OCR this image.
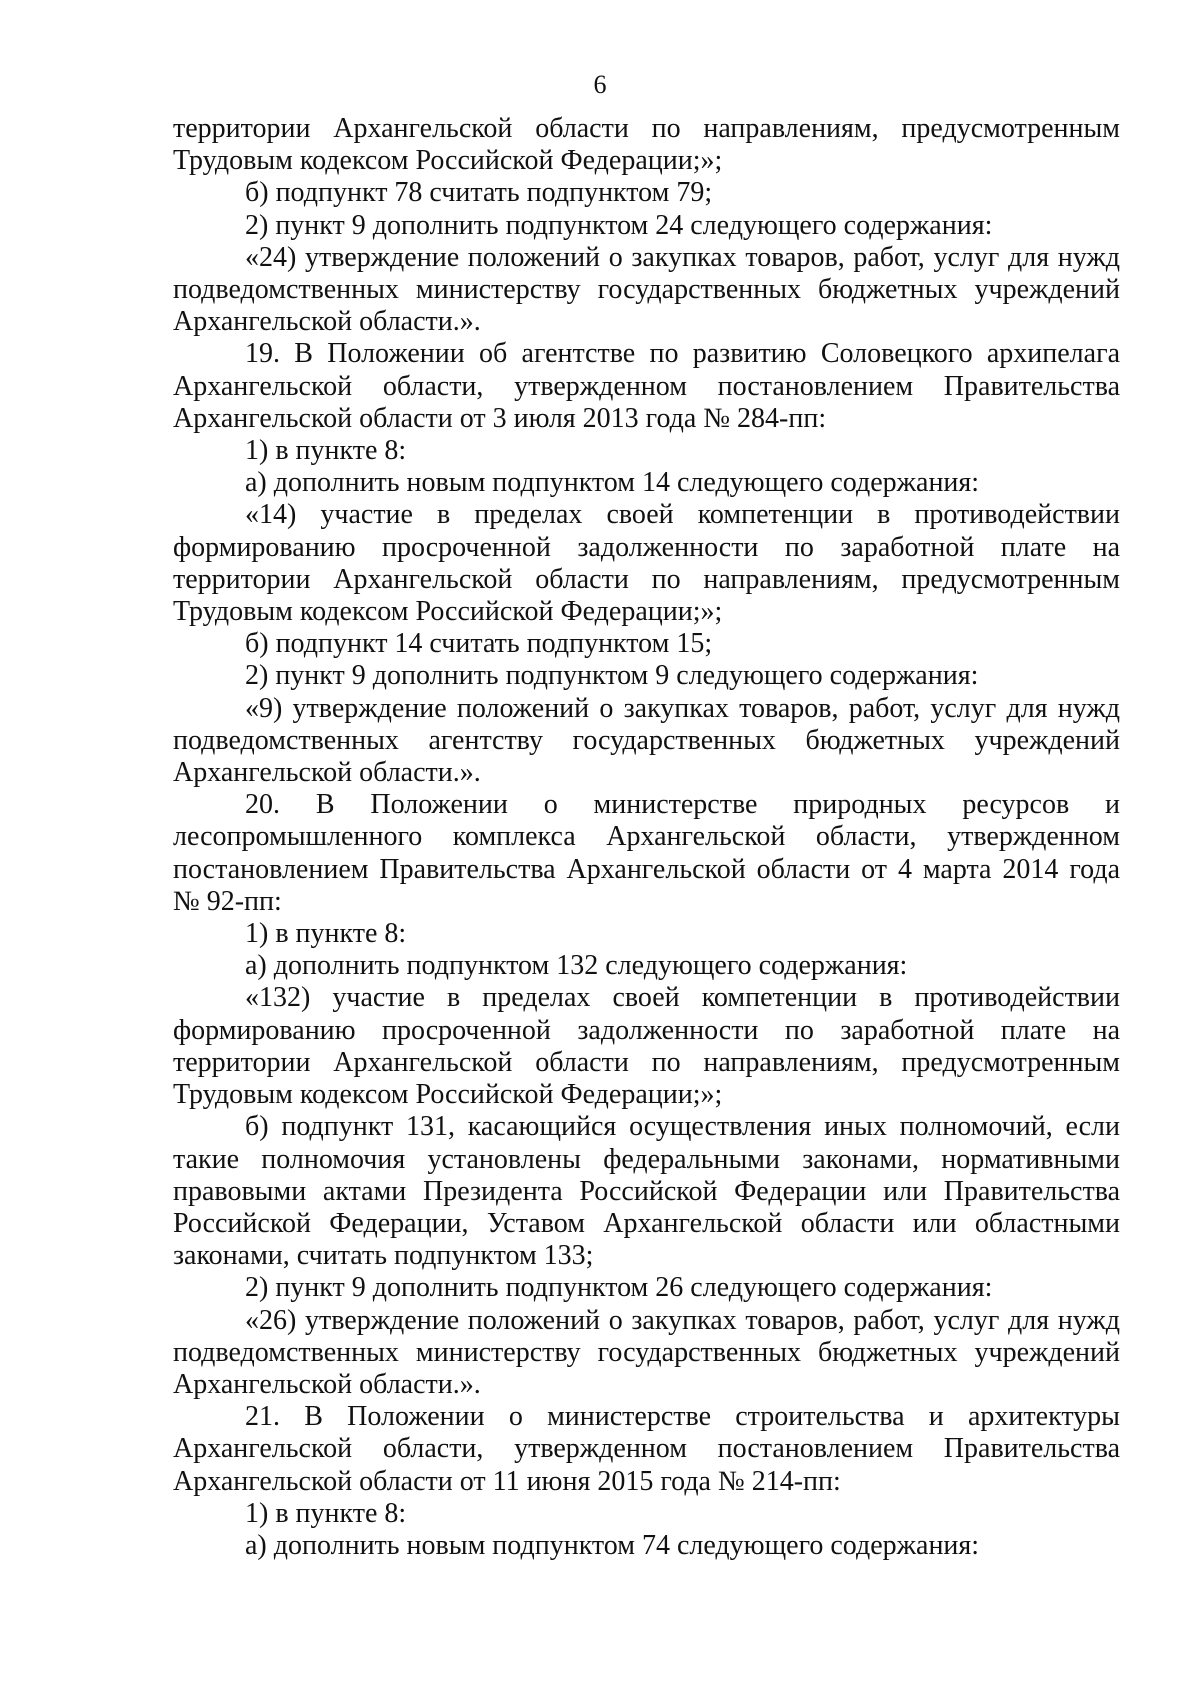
6

территории Архангельской области по направлениям, предусмотренным Трудовым кодексом Российской Федерации;»;

б) подпункт 78 считать подпунктом 79;

2) пункт 9 дополнить подпунктом 24 следующего содержания:

«24) утверждение положений о закупках товаров, работ, услуг для нужд подведомственных министерству государственных бюджетных учреждений Архангельской области.».

19. В Положении об агентстве по развитию Соловецкого архипелага Архангельской области, утвержденном постановлением Правительства Архангельской области от 3 июля 2013 года № 284-пп:

1) в пункте 8:

а) дополнить новым подпунктом 14 следующего содержания:

«14) участие в пределах своей компетенции в противодействии формированию просроченной задолженности по заработной плате на территории Архангельской области по направлениям, предусмотренным Трудовым кодексом Российской Федерации;»;

б) подпункт 14 считать подпунктом 15;

2) пункт 9 дополнить подпунктом 9 следующего содержания:

«9) утверждение положений о закупках товаров, работ, услуг для нужд подведомственных агентству государственных бюджетных учреждений Архангельской области.».

20. В Положении о министерстве природных ресурсов и лесопромышленного комплекса Архангельской области, утвержденном постановлением Правительства Архангельской области от 4 марта 2014 года № 92-пп:

1) в пункте 8:

а) дополнить подпунктом 132 следующего содержания:

«132) участие в пределах своей компетенции в противодействии формированию просроченной задолженности по заработной плате на территории Архангельской области по направлениям, предусмотренным Трудовым кодексом Российской Федерации;»;

б) подпункт 131, касающийся осуществления иных полномочий, если такие полномочия установлены федеральными законами, нормативными правовыми актами Президента Российской Федерации или Правительства Российской Федерации, Уставом Архангельской области или областными законами, считать подпунктом 133;

2) пункт 9 дополнить подпунктом 26 следующего содержания:

«26) утверждение положений о закупках товаров, работ, услуг для нужд подведомственных министерству государственных бюджетных учреждений Архангельской области.».

21. В Положении о министерстве строительства и архитектуры Архангельской области, утвержденном постановлением Правительства Архангельской области от 11 июня 2015 года № 214-пп:

1) в пункте 8:

а) дополнить новым подпунктом 74 следующего содержания:
